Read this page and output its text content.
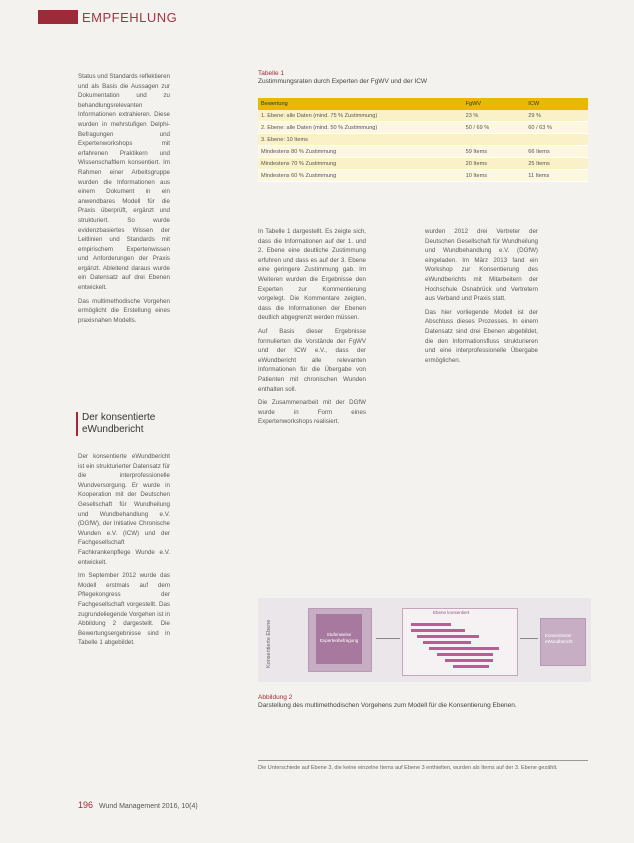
EMPFEHLUNG

Status und Standards reflektieren und als Basis die Aussagen zur Dokumentation und zu behandlungsrelevanten Informationen extrahieren. Diese wurden in mehrstufigen Delphi-Befragungen und Expertenworkshops mit erfahrenen Praktikern und Wissenschaftlern konsentiert. Im Rahmen einer Arbeitsgruppe wurden die Informationen aus einem Dokument in ein anwendbares Modell für die Praxis überprüft, ergänzt und strukturiert. So wurde evidenzbasiertes Wissen der Leitlinien und Standards mit empirischem Expertenwissen und Anforderungen der Praxis ergänzt. Ableitend daraus wurde ein Datensatz auf drei Ebenen entwickelt.

Das multimethodische Vorgehen ermöglicht die Erstellung eines praxisnahen Modells.

Der konsentierte
eWundbericht

Der konsentierte eWundbericht ist ein strukturierter Datensatz für die interprofessionelle Wundversorgung. Er wurde in Kooperation mit der Deutschen Gesellschaft für Wundheilung und Wundbehandlung e.V. (DGfW), der Initiative Chronische Wunden e.V. (ICW) und der Fachgesellschaft Fachkrankenpflege Wunde e.V. entwickelt.

Im September 2012 wurde das Modell erstmals auf dem Pflegekongress der Fachgesellschaft vorgestellt. Das zugrundeliegende Vorgehen ist in Abbildung 2 dargestellt. Die Bewertungsergebnisse sind in Tabelle 1 abgebildet.

Tabelle 1
Zustimmungsraten durch Experten der FgWV und der ICW
Bewertung	FgWV	ICW
1. Ebene: alle Daten (mind. 75 % Zustimmung)	23 %	29 %
2. Ebene: alle Daten (mind. 50 % Zustimmung)	50 / 69 %	60 / 63 %
3. Ebene: 10 Items		
Mindestens 80 % Zustimmung	59 Items	66 Items
Mindestens 70 % Zustimmung	20 Items	25 Items
Mindestens 60 % Zustimmung	10 Items	11 Items

In Tabelle 1 dargestellt. Es zeigte sich, dass die Informationen auf der 1. und 2. Ebene eine deutliche Zustimmung erfuhren und dass es auf der 3. Ebene eine geringere Zustimmung gab. Im Weiteren wurden die Ergebnisse den Experten zur Kommentierung vorgelegt. Die Kommentare zeigten, dass die Informationen der Ebenen deutlich abgegrenzt werden müssen.

Auf Basis dieser Ergebnisse formulierten die Vorstände der FgWV und der ICW e.V., dass der eWundbericht alle relevanten Informationen für die Übergabe von Patienten mit chronischen Wunden enthalten soll.

Die Zusammenarbeit mit der DGfW wurde in Form eines Expertenworkshops realisiert.

wurden 2012 drei Vertreter der Deutschen Gesellschaft für Wundheilung und Wundbehandlung e.V. (DGfW) eingeladen. Im März 2013 fand ein Workshop zur Konsentierung des eWundberichts mit Mitarbeitern der Hochschule Osnabrück und Vertretern aus Verband und Praxis statt.

Das hier vorliegende Modell ist der Abschluss dieses Prozesses. In einem Datensatz sind drei Ebenen abgebildet, die den Informationsfluss strukturieren und eine interprofessionelle Übergabe ermöglichen.

Konsentierte Ebene	Stufenweise Expertenbefragung
Ebene konsentiert
Konsentierter eWundbericht
Abbildung 2
Darstellung des multimethodischen Vorgehens zum Modell für die Konsentierung Ebenen.
Die Unterschiede auf Ebene 3, die keine einzelne Items auf Ebene 3 enthielten, wurden als Items auf der 3. Ebene gezählt.
196 Wund Management 2016, 10(4)
